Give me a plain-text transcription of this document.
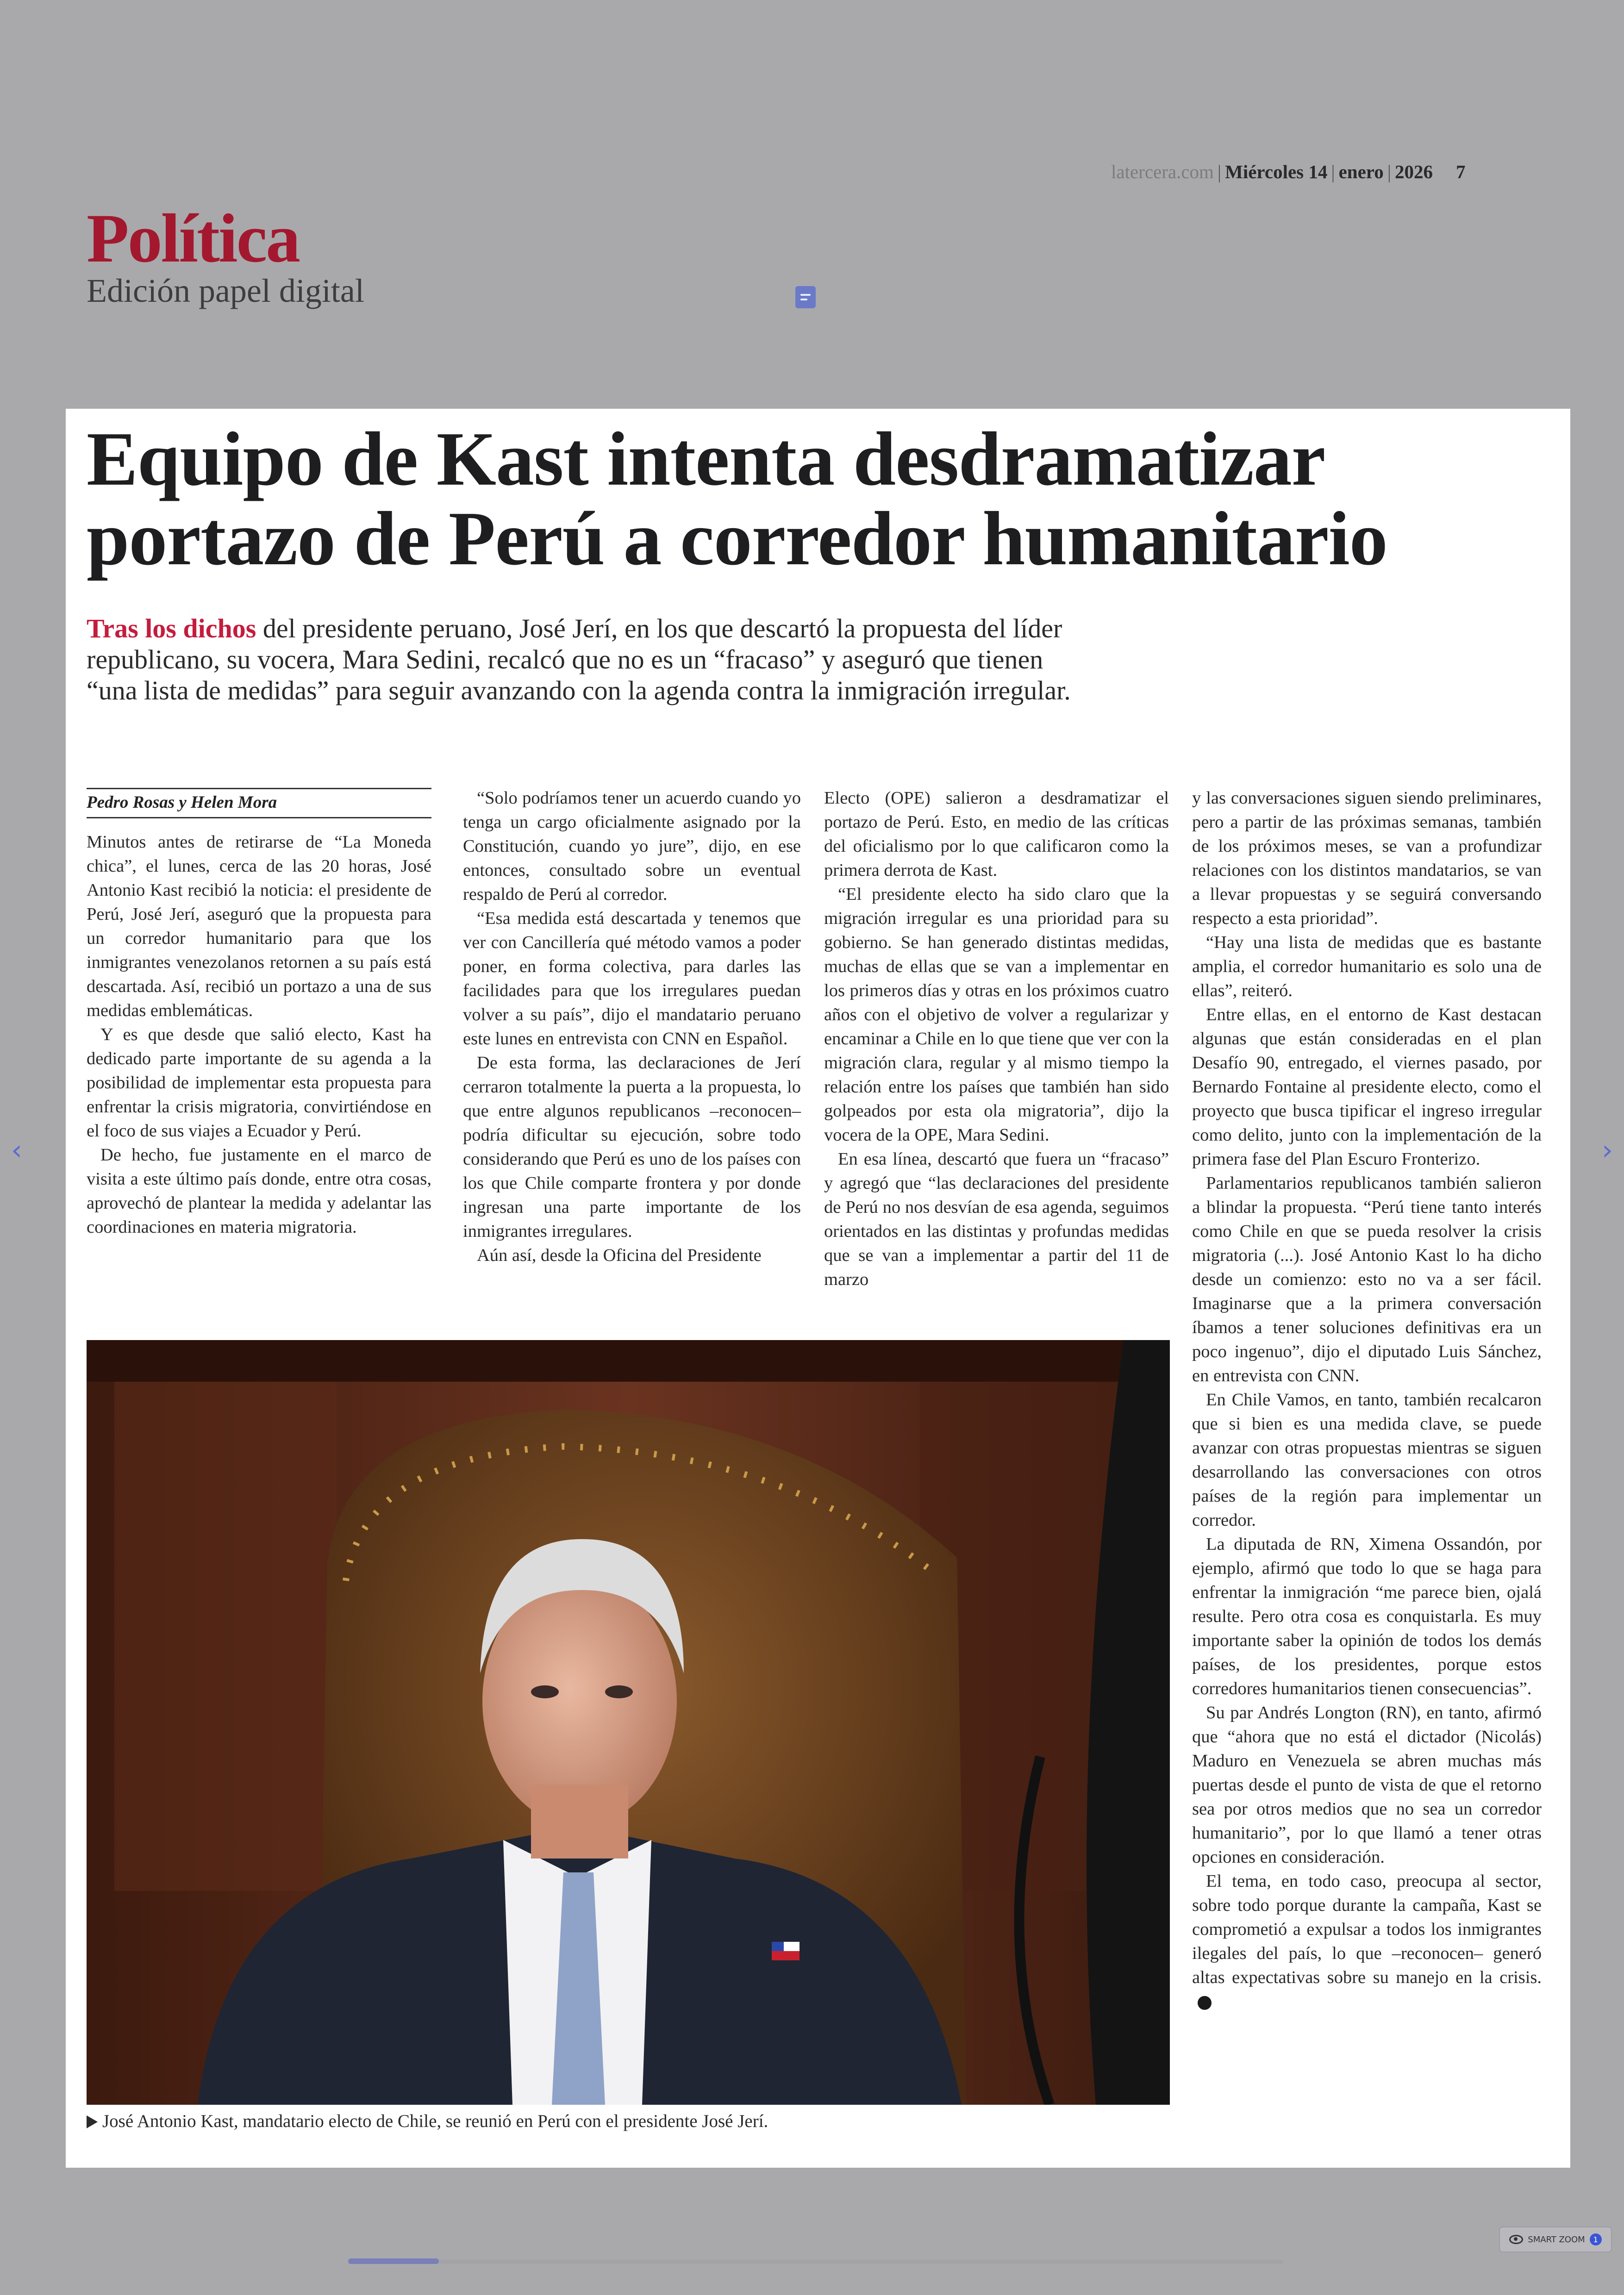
latercera.com | Miércoles 14 | enero | 2026 7
Política
Edición papel digital
Equipo de Kast intenta desdramatizar
portazo de Perú a corredor humanitario
Tras los dichos del presidente peruano, José Jerí, en los que descartó la propuesta del líder
republicano, su vocera, Mara Sedini, recalcó que no es un “fracaso” y aseguró que tienen
“una lista de medidas” para seguir avanzando con la agenda contra la inmigración irregular.
Pedro Rosas y Helen Mora

Minutos antes de retirarse de “La Moneda chica”, el lunes, cerca de las 20 horas, José Antonio Kast recibió la noticia: el presidente de Perú, José Jerí, aseguró que la propuesta para un corredor humanitario para que los inmigrantes venezolanos retornen a su país está descartada. Así, recibió un portazo a una de sus medidas emblemáticas.

Y es que desde que salió electo, Kast ha dedicado parte importante de su agenda a la posibilidad de implementar esta propuesta para enfrentar la crisis migratoria, convirtiéndose en el foco de sus viajes a Ecuador y Perú.

De hecho, fue justamente en el marco de visita a este último país donde, entre otra cosas, aprovechó de plantear la medida y adelantar las coordinaciones en materia migratoria.

“Solo podríamos tener un acuerdo cuando yo tenga un cargo oficialmente asignado por la Constitución, cuando yo jure”, dijo, en ese entonces, consultado sobre un eventual respaldo de Perú al corredor.

“Esa medida está descartada y tenemos que ver con Cancillería qué método vamos a poder poner, en forma colectiva, para darles las facilidades para que los irregulares puedan volver a su país”, dijo el mandatario peruano este lunes en entrevista con CNN en Español.

De esta forma, las declaraciones de Jerí cerraron totalmente la puerta a la propuesta, lo que entre algunos republicanos –reconocen– podría dificultar su ejecución, sobre todo considerando que Perú es uno de los países con los que Chile comparte frontera y por donde ingresan una parte importante de los inmigrantes irregulares.

Aún así, desde la Oficina del Presidente

Electo (OPE) salieron a desdramatizar el portazo de Perú. Esto, en medio de las críticas del oficialismo por lo que calificaron como la primera derrota de Kast.

“El presidente electo ha sido claro que la migración irregular es una prioridad para su gobierno. Se han generado distintas medidas, muchas de ellas que se van a implementar en los primeros días y otras en los próximos cuatro años con el objetivo de volver a regularizar y encaminar a Chile en lo que tiene que ver con la migración clara, regular y al mismo tiempo la relación entre los países que también han sido golpeados por esta ola migratoria”, dijo la vocera de la OPE, Mara Sedini.

En esa línea, descartó que fuera un “fracaso” y agregó que “las declaraciones del presidente de Perú no nos desvían de esa agenda, seguimos orientados en las distintas y profundas medidas que se van a implementar a partir del 11 de marzo

y las conversaciones siguen siendo preliminares, pero a partir de las próximas semanas, también de los próximos meses, se van a profundizar relaciones con los distintos mandatarios, se van a llevar propuestas y se seguirá conversando respecto a esta prioridad”.

“Hay una lista de medidas que es bastante amplia, el corredor humanitario es solo una de ellas”, reiteró.

Entre ellas, en el entorno de Kast destacan algunas que están consideradas en el plan Desafío 90, entregado, el viernes pasado, por Bernardo Fontaine al presidente electo, como el proyecto que busca tipificar el ingreso irregular como delito, junto con la implementación de la primera fase del Plan Escuro Fronterizo.

Parlamentarios republicanos también salieron a blindar la propuesta. “Perú tiene tanto interés como Chile en que se pueda resolver la crisis migratoria (...). José Antonio Kast lo ha dicho desde un comienzo: esto no va a ser fácil. Imaginarse que a la primera conversación íbamos a tener soluciones definitivas era un poco ingenuo”, dijo el diputado Luis Sánchez, en entrevista con CNN.

En Chile Vamos, en tanto, también recalcaron que si bien es una medida clave, se puede avanzar con otras propuestas mientras se siguen desarrollando las conversaciones con otros países de la región para implementar un corredor.

La diputada de RN, Ximena Ossandón, por ejemplo, afirmó que todo lo que se haga para enfrentar la inmigración “me parece bien, ojalá resulte. Pero otra cosa es conquistarla. Es muy importante saber la opinión de todos los demás países, de los presidentes, porque estos corredores humanitarios tienen consecuencias”.

Su par Andrés Longton (RN), en tanto, afirmó que “ahora que no está el dictador (Nicolás) Maduro en Venezuela se abren muchas más puertas desde el punto de vista de que el retorno sea por otros medios que no sea un corredor humanitario”, por lo que llamó a tener otras opciones en consideración.

El tema, en todo caso, preocupa al sector, sobre todo porque durante la campaña, Kast se comprometió a expulsar a todos los inmigrantes ilegales del país, lo que –reconocen– generó altas expectativas sobre su manejo en la crisis.

José Antonio Kast, mandatario electo de Chile, se reunió en Perú con el presidente José Jerí.
‹	›
SMART ZOOM	1
